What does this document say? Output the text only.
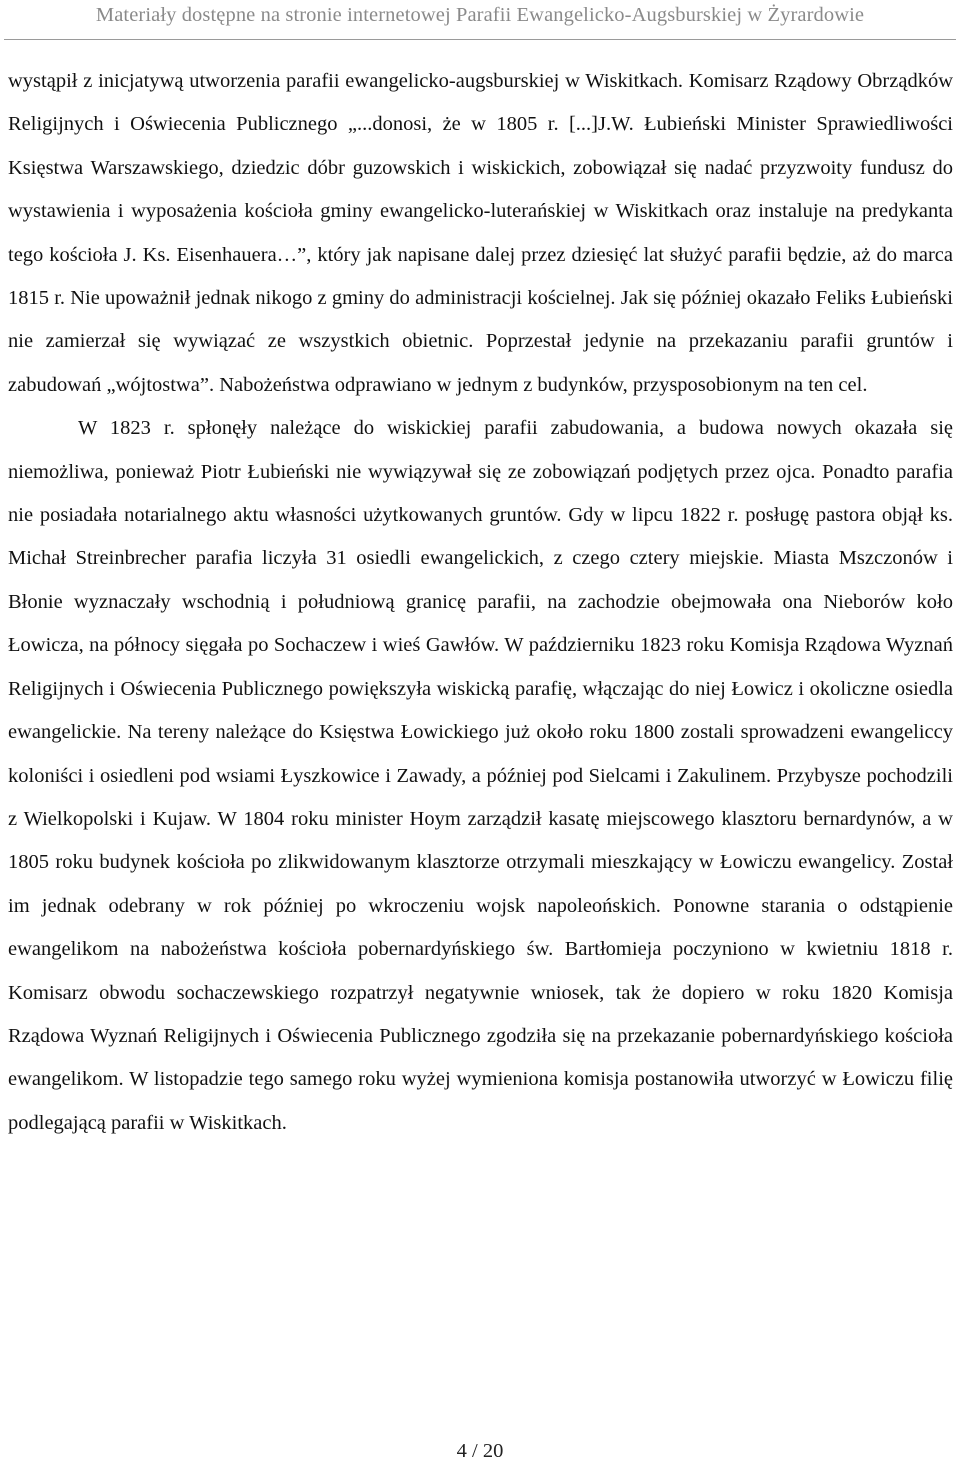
Materiały dostępne na stronie internetowej Parafii Ewangelicko-Augsburskiej w Żyrardowie

wystąpił z inicjatywą utworzenia parafii ewangelicko-augsburskiej w Wiskitkach. Komisarz Rządowy Obrządków Religijnych i Oświecenia Publicznego „...donosi, że w 1805 r. [...]J.W. Łubieński Minister Sprawiedliwości Księstwa Warszawskiego, dziedzic dóbr guzowskich i wiskickich, zobowiązał się nadać przyzwoity fundusz do wystawienia i wyposażenia kościoła gminy ewangelicko-luterańskiej w Wiskitkach oraz instaluje na predykanta tego kościoła J. Ks. Eisenhauera…”, który jak napisane dalej przez dziesięć lat służyć parafii będzie, aż do marca 1815 r. Nie upoważnił jednak nikogo z gminy do administracji kościelnej. Jak się później okazało Feliks Łubieński nie zamierzał się wywiązać ze wszystkich obietnic. Poprzestał jedynie na przekazaniu parafii gruntów i zabudowań „wójtostwa”. Nabożeństwa odprawiano w jednym z budynków, przysposobionym na ten cel.

W 1823 r. spłonęły należące do wiskickiej parafii zabudowania, a budowa nowych okazała się niemożliwa, ponieważ Piotr Łubieński nie wywiązywał się ze zobowiązań podjętych przez ojca. Ponadto parafia nie posiadała notarialnego aktu własności użytkowanych gruntów. Gdy w lipcu 1822 r. posługę pastora objął ks. Michał Streinbrecher parafia liczyła 31 osiedli ewangelickich, z czego cztery miejskie. Miasta Mszczonów i Błonie wyznaczały wschodnią i południową granicę parafii, na zachodzie obejmowała ona Nieborów koło Łowicza, na północy sięgała po Sochaczew i wieś Gawłów. W październiku 1823 roku Komisja Rządowa Wyznań Religijnych i Oświecenia Publicznego powiększyła wiskicką parafię, włączając do niej Łowicz i okoliczne osiedla ewangelickie. Na tereny należące do Księstwa Łowickiego już około roku 1800 zostali sprowadzeni ewangeliccy koloniści i osiedleni pod wsiami Łyszkowice i Zawady, a później pod Sielcami i Zakulinem. Przybysze pochodzili z Wielkopolski i Kujaw. W 1804 roku minister Hoym zarządził kasatę miejscowego klasztoru bernardynów, a w 1805 roku budynek kościoła po zlikwidowanym klasztorze otrzymali mieszkający w Łowiczu ewangelicy. Został im jednak odebrany w rok później po wkroczeniu wojsk napoleońskich. Ponowne starania o odstąpienie ewangelikom na nabożeństwa kościoła pobernardyńskiego św. Bartłomieja poczyniono w kwietniu 1818 r. Komisarz obwodu sochaczewskiego rozpatrzył negatywnie wniosek, tak że dopiero w roku 1820 Komisja Rządowa Wyznań Religijnych i Oświecenia Publicznego zgodziła się na przekazanie pobernardyńskiego kościoła ewangelikom. W listopadzie tego samego roku wyżej wymieniona komisja postanowiła utworzyć w Łowiczu filię podlegającą parafii w Wiskitkach.

4 / 20
